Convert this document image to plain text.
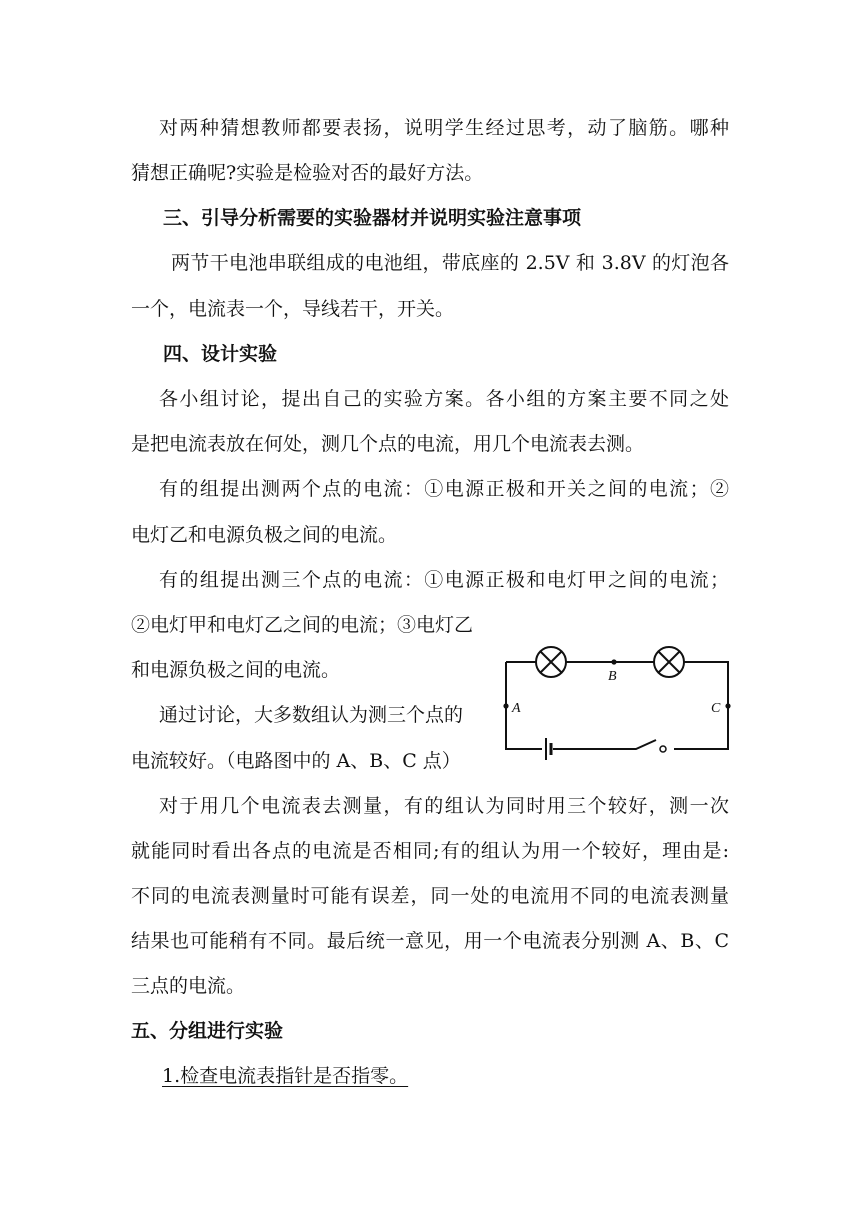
对两种猜想教师都要表扬，说明学生经过思考，动了脑筋。哪种
猜想正确呢?实验是检验对否的最好方法。
三、引导分析需要的实验器材并说明实验注意事项
两节干电池串联组成的电池组，带底座的 2.5V 和 3.8V 的灯泡各
一个，电流表一个，导线若干，开关。
四、设计实验
各小组讨论，提出自己的实验方案。各小组的方案主要不同之处
是把电流表放在何处，测几个点的电流，用几个电流表去测。
有的组提出测两个点的电流：①电源正极和开关之间的电流；②
电灯乙和电源负极之间的电流。
有的组提出测三个点的电流：①电源正极和电灯甲之间的电流；
②电灯甲和电灯乙之间的电流；③电灯乙
和电源负极之间的电流。
通过讨论，大多数组认为测三个点的
电流较好。（电路图中的 A、B、C 点）
A
B
C
对于用几个电流表去测量，有的组认为同时用三个较好，测一次
就能同时看出各点的电流是否相同;有的组认为用一个较好，理由是:
不同的电流表测量时可能有误差，同一处的电流用不同的电流表测量
结果也可能稍有不同。最后统一意见，用一个电流表分别测 A、B、C
三点的电流。
五、分组进行实验
1.检查电流表指针是否指零。
